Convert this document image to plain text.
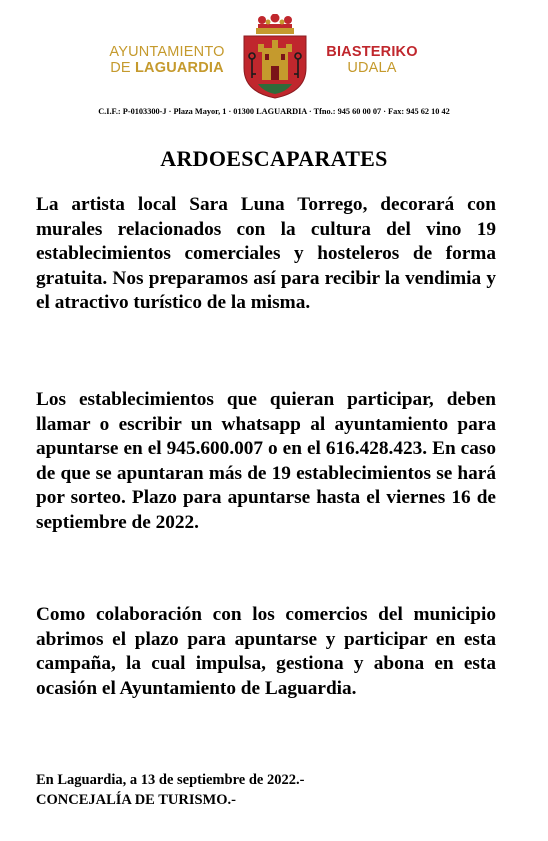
AYUNTAMIENTO
DE LAGUARDIA
BIASTERIKO
UDALA
C.I.F.: P-0103300-J · Plaza Mayor, 1 · 01300 LAGUARDIA · Tfno.: 945 60 00 07 · Fax: 945 62 10 42
ARDOESCAPARATES
La artista local Sara Luna Torrego, decorará con murales relacionados con la cultura del vino 19 establecimientos comerciales y hosteleros de forma gratuita. Nos preparamos así para recibir la vendimia y el atractivo turístico de la misma.
Los establecimientos que quieran participar, deben llamar o escribir un whatsapp al ayuntamiento para apuntarse en el 945.600.007 o en el 616.428.423. En caso de que se apuntaran más de 19 establecimientos se hará por sorteo. Plazo para apuntarse hasta el viernes 16 de septiembre de 2022.
Como colaboración con los comercios del municipio abrimos el plazo para apuntarse y participar en esta campaña, la cual impulsa, gestiona y abona en esta ocasión el Ayuntamiento de Laguardia.
En Laguardia, a 13 de septiembre de 2022.-
CONCEJALÍA DE TURISMO.-
